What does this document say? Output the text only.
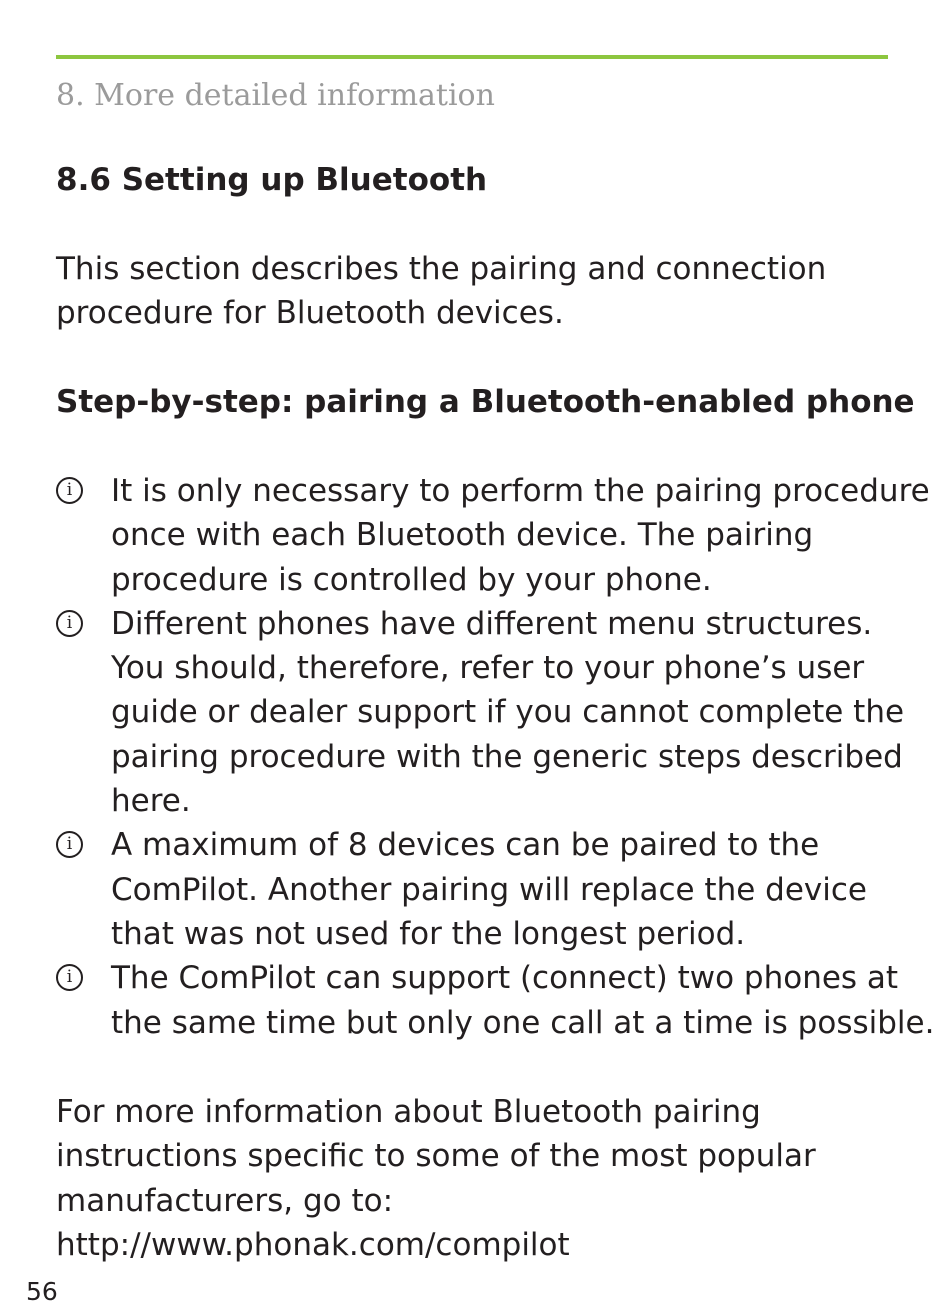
8. More detailed information
8.6 Setting up Bluetooth
This section describes the pairing and connection
procedure for Bluetooth devices.
Step-by-step: pairing a Bluetooth-enabled phone
i	It is only necessary to perform the pairing procedure
once with each Bluetooth device. The pairing
procedure is controlled by your phone.
i	Different phones have different menu structures.
You should, therefore, refer to your phone’s user
guide or dealer support if you cannot complete the
pairing procedure with the generic steps described
here.
i	A maximum of 8 devices can be paired to the
ComPilot. Another pairing will replace the device
that was not used for the longest period.
i	The ComPilot can support (connect) two phones at
the same time but only one call at a time is possible.
For more information about Bluetooth pairing
instructions specific to some of the most popular
manufacturers, go to:
http://www.phonak.com/compilot
56
